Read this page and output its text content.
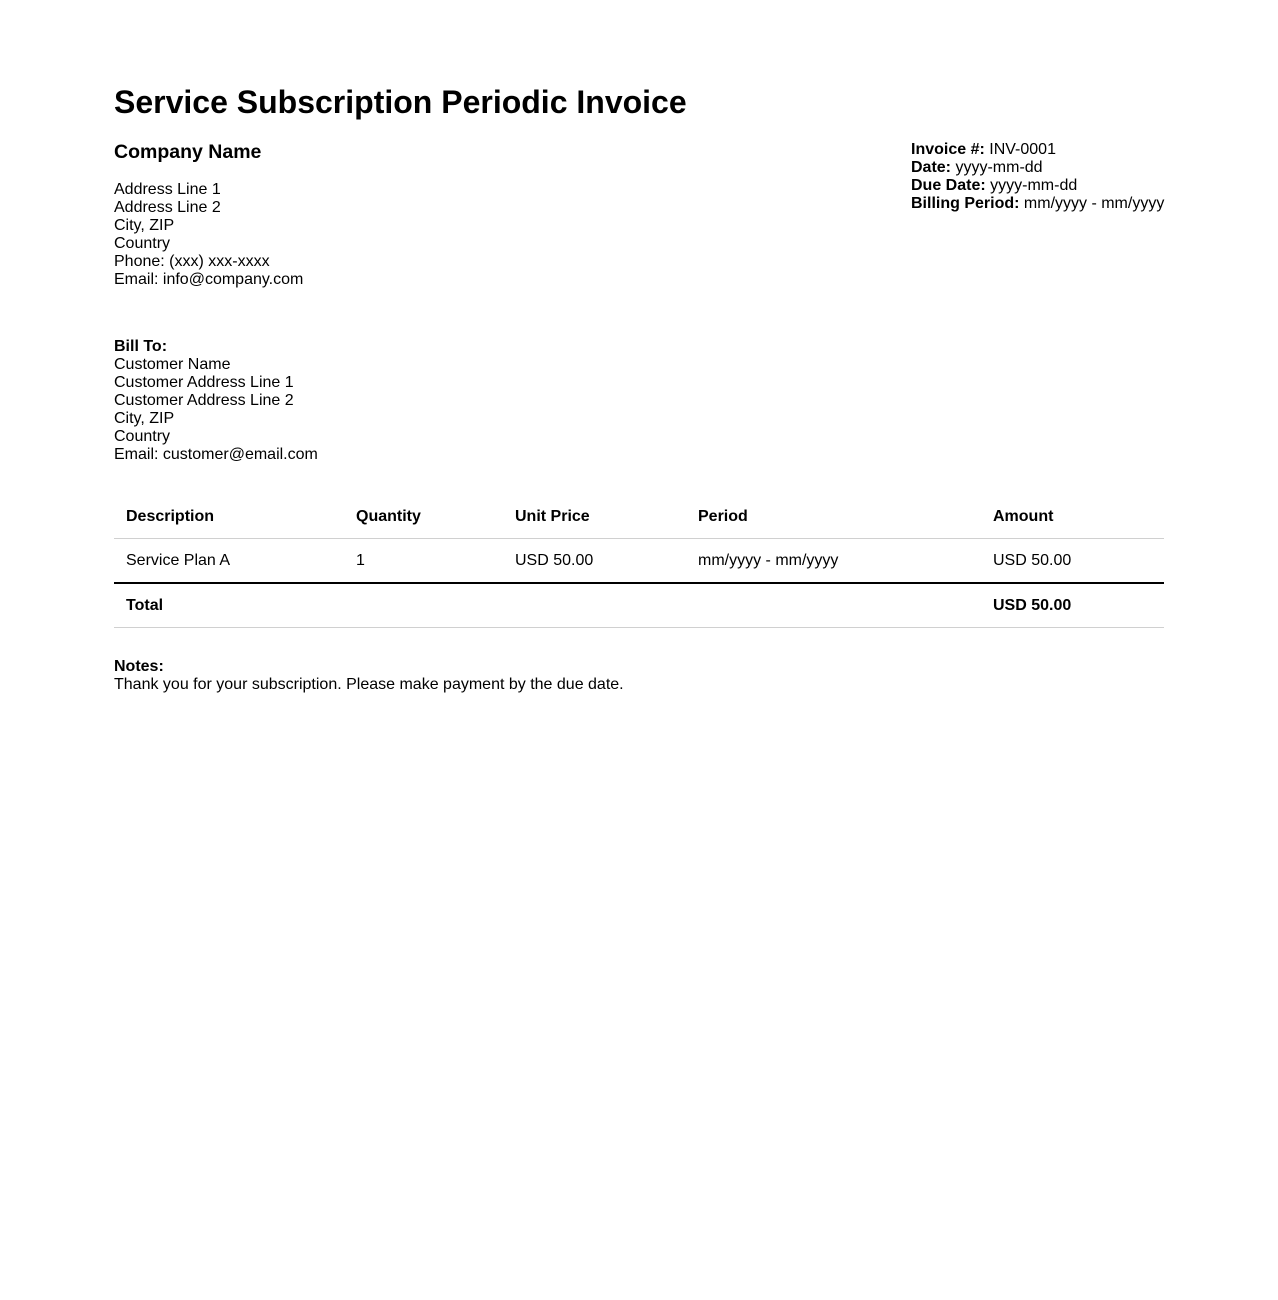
Service Subscription Periodic Invoice
Company Name
Address Line 1
Address Line 2
City, ZIP
Country
Phone: (xxx) xxx-xxxx
Email: info@company.com
Invoice #: INV-0001
Date: yyyy-mm-dd
Due Date: yyyy-mm-dd
Billing Period: mm/yyyy - mm/yyyy
Bill To:
Customer Name
Customer Address Line 1
Customer Address Line 2
City, ZIP
Country
Email: customer@email.com
Description	Quantity	Unit Price	Period	Amount
Service Plan A	1	USD 50.00	mm/yyyy - mm/yyyy	USD 50.00
Total				USD 50.00
Notes:
Thank you for your subscription. Please make payment by the due date.
